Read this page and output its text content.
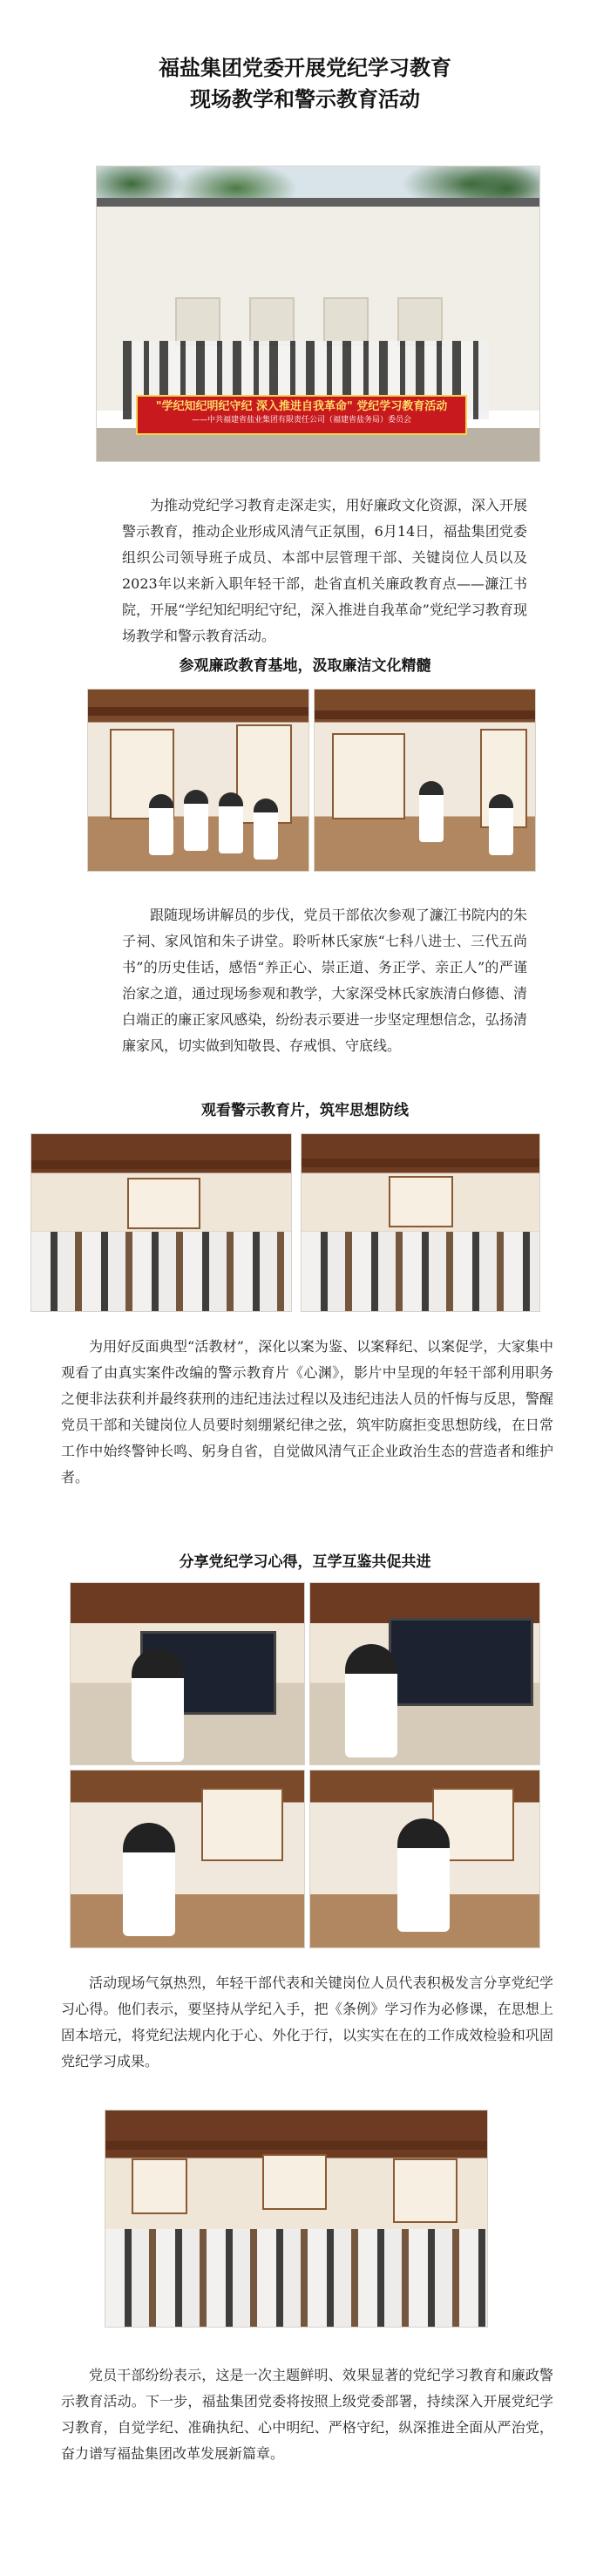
福盐集团党委开展党纪学习教育
现场教学和警示教育活动
"学纪知纪明纪守纪 深入推进自我革命" 党纪学习教育活动
——中共福建省盐业集团有限责任公司（福建省盐务局）委员会

为推动党纪学习教育走深走实，用好廉政文化资源，深入开展警示教育，推动企业形成风清气正氛围，6月14日，福盐集团党委组织公司领导班子成员、本部中层管理干部、关键岗位人员以及2023年以来新入职年轻干部，赴省直机关廉政教育点——濂江书院，开展“学纪知纪明纪守纪，深入推进自我革命”党纪学习教育现场教学和警示教育活动。

参观廉政教育基地，汲取廉洁文化精髓

跟随现场讲解员的步伐，党员干部依次参观了濂江书院内的朱子祠、家风馆和朱子讲堂。聆听林氏家族“七科八进士、三代五尚书”的历史佳话，感悟“养正心、崇正道、务正学、亲正人”的严谨治家之道，通过现场参观和教学，大家深受林氏家族清白修德、清白端正的廉正家风感染，纷纷表示要进一步坚定理想信念，弘扬清廉家风，切实做到知敬畏、存戒惧、守底线。

观看警示教育片，筑牢思想防线

为用好反面典型“活教材”，深化以案为鉴、以案释纪、以案促学，大家集中观看了由真实案件改编的警示教育片《心渊》，影片中呈现的年轻干部利用职务之便非法获利并最终获刑的违纪违法过程以及违纪违法人员的忏悔与反思，警醒党员干部和关键岗位人员要时刻绷紧纪律之弦，筑牢防腐拒变思想防线，在日常工作中始终警钟长鸣、躬身自省，自觉做风清气正企业政治生态的营造者和维护者。

分享党纪学习心得，互学互鉴共促共进

活动现场气氛热烈，年轻干部代表和关键岗位人员代表积极发言分享党纪学习心得。他们表示，要坚持从学纪入手，把《条例》学习作为必修课，在思想上固本培元，将党纪法规内化于心、外化于行，以实实在在的工作成效检验和巩固党纪学习成果。

党员干部纷纷表示，这是一次主题鲜明、效果显著的党纪学习教育和廉政警示教育活动。下一步，福盐集团党委将按照上级党委部署，持续深入开展党纪学习教育，自觉学纪、准确执纪、心中明纪、严格守纪，纵深推进全面从严治党，奋力谱写福盐集团改革发展新篇章。
